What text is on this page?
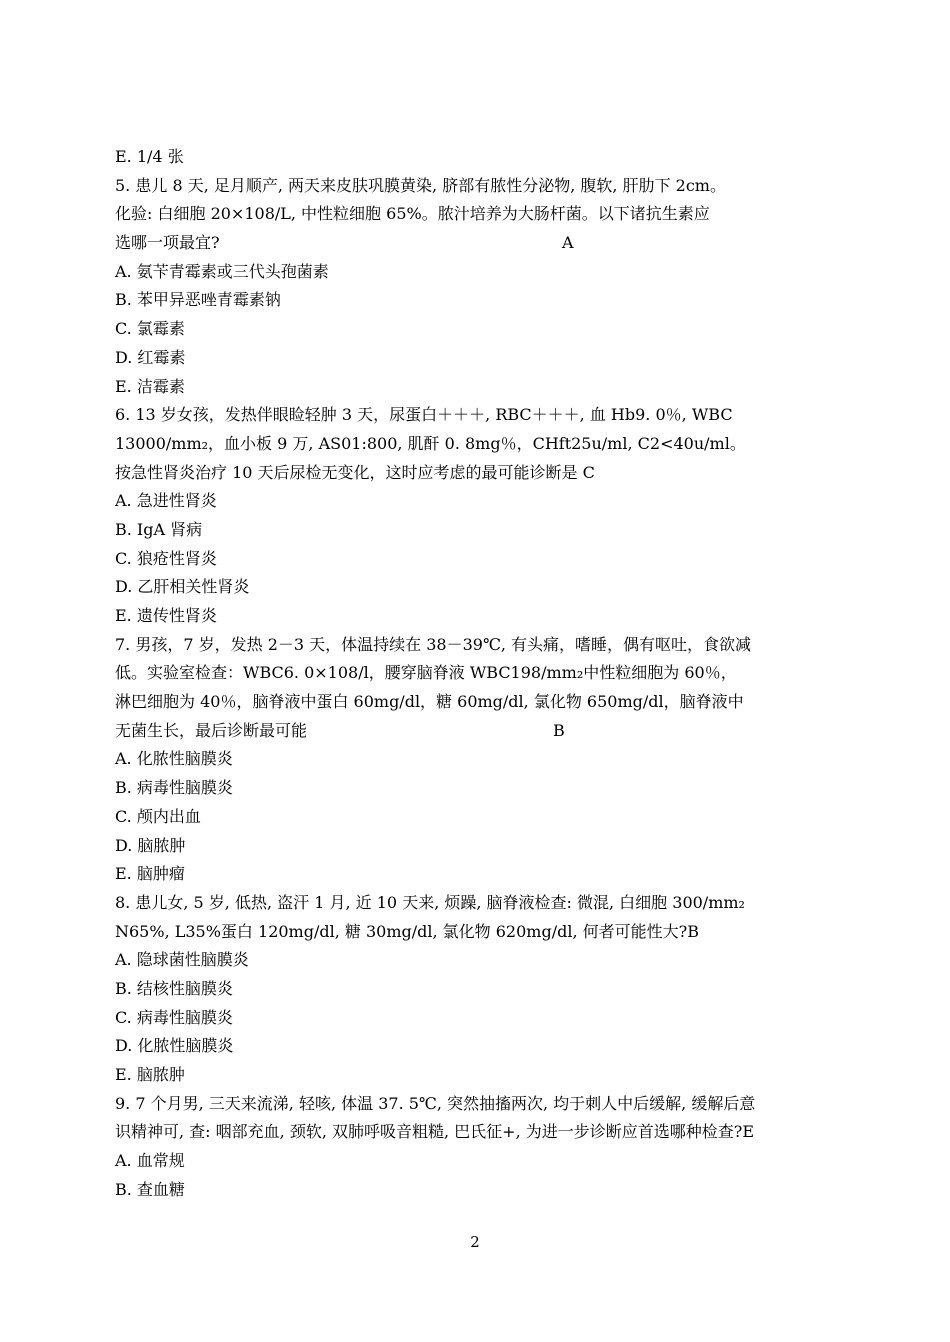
E. 1/4 张
5. 患儿 8 天, 足月顺产, 两天来皮肤巩膜黄染, 脐部有脓性分泌物, 腹软, 肝肋下 2cm。
化验: 白细胞 20×108/L, 中性粒细胞 65%。脓汁培养为大肠杆菌。以下诸抗生素应
选哪一项最宜?	A
A. 氨苄青霉素或三代头孢菌素
B. 苯甲异恶唑青霉素钠
C. 氯霉素
D. 红霉素
E. 洁霉素
6. 13 岁女孩，发热伴眼睑轻肿 3 天，尿蛋白＋＋＋, RBC＋＋＋, 血 Hb9. 0％, WBC
13000/mm₂，血小板 9 万, AS01:800, 肌酐 0. 8mg％，CHft25u/ml, C2<40u/ml。
按急性肾炎治疗 10 天后尿检无变化，这时应考虑的最可能诊断是 C
A. 急进性肾炎
B. IgA 肾病
C. 狼疮性肾炎
D. 乙肝相关性肾炎
E. 遗传性肾炎
7. 男孩，7 岁，发热 2－3 天，体温持续在 38－39℃, 有头痛，嗜睡，偶有呕吐，食欲减
低。实验室检查：WBC6. 0×108/l，腰穿脑脊液 WBC198/mm₂中性粒细胞为 60％，
淋巴细胞为 40％，脑脊液中蛋白 60mg/dl，糖 60mg/dl, 氯化物 650mg/dl，脑脊液中
无菌生长，最后诊断最可能	B
A. 化脓性脑膜炎
B. 病毒性脑膜炎
C. 颅内出血
D. 脑脓肿
E. 脑肿瘤
8. 患儿女, 5 岁, 低热, 盗汗 1 月, 近 10 天来, 烦躁, 脑脊液检查: 微混, 白细胞 300/mm₂
N65%, L35%蛋白 120mg/dl, 糖 30mg/dl, 氯化物 620mg/dl, 何者可能性大?B
A. 隐球菌性脑膜炎
B. 结核性脑膜炎
C. 病毒性脑膜炎
D. 化脓性脑膜炎
E. 脑脓肿
9. 7 个月男, 三天来流涕, 轻咳, 体温 37. 5℃, 突然抽搐两次, 均于刺人中后缓解, 缓解后意
识精神可, 查: 咽部充血, 颈软, 双肺呼吸音粗糙, 巴氏征+, 为进一步诊断应首选哪种检查?E
A. 血常规
B. 查血糖
2
